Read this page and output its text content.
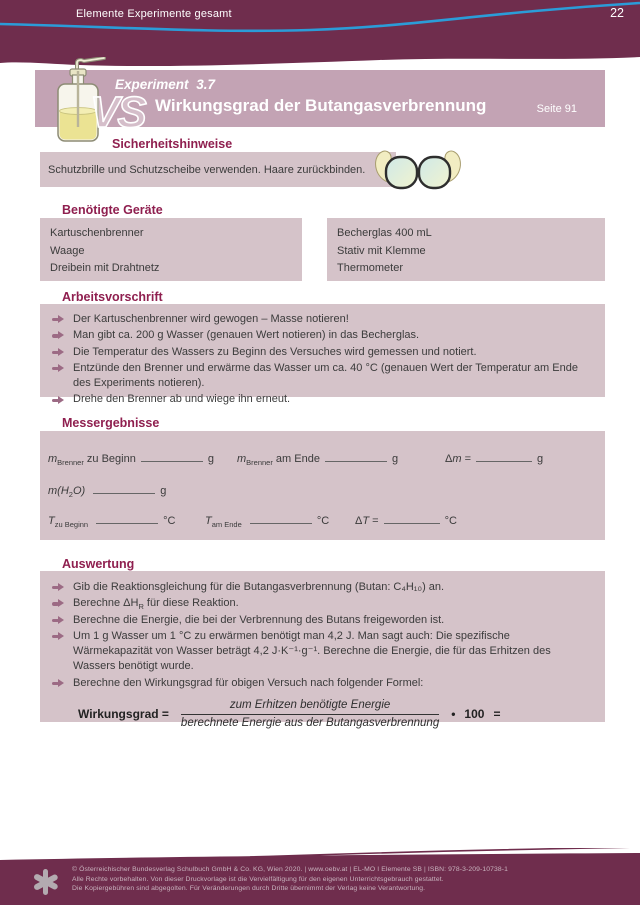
Elemente Experimente gesamt	22
Experiment 3.7
Wirkungsgrad der Butangasverbrennung	Seite 91
VS
Sicherheitshinweise
Schutzbrille und Schutzscheibe verwenden. Haare zurückbinden.
Benötigte Geräte
Kartuschenbrenner
Waage
Dreibein mit Drahtnetz
Becherglas 400 mL
Stativ mit Klemme
Thermometer
Arbeitsvorschrift
Der Kartuschenbrenner wird gewogen – Masse notieren!
Man gibt ca. 200 g Wasser (genauen Wert notieren) in das Becherglas.
Die Temperatur des Wassers zu Beginn des Versuches wird gemessen und notiert.
Entzünde den Brenner und erwärme das Wasser um ca. 40 °C (genauen Wert der Temperatur am Ende des Experiments notieren).
Drehe den Brenner ab und wiege ihn erneut.
Messergebnisse
$m_{Brenner}$ zu Beginn	g $m_{Brenner}$ am Ende	g	Δm =	g
$m(H_2O)$	g
$T_{zu Beginn}$	°C	$T_{am Ende}$	°C ΔT =	°C
Auswertung
Gib die Reaktionsgleichung für die Butangasverbrennung (Butan: C₄H₁₀) an.
Berechne $\Delta H_R$ für diese Reaktion.
Berechne die Energie, die bei der Verbrennung des Butans freigeworden ist.
Um 1 g Wasser um 1 °C zu erwärmen benötigt man 4,2 J. Man sagt auch: Die spezifische Wärmekapazität von Wasser beträgt 4,2 J·K⁻¹·g⁻¹. Berechne die Energie, die für das Erhitzen des Wassers benötigt wurde.
Berechne den Wirkungsgrad für obigen Versuch nach folgender Formel:
Wirkungsgrad = $\frac{\text{zum Erhitzen benötigte Energie}}{\text{berechnete Energie aus der Butangasverbrennung}}$ • 100 =
© Österreichischer Bundesverlag Schulbuch GmbH & Co. KG, Wien 2020. | www.oebv.at | EL-MO I Elemente SB | ISBN: 978-3-209-10738-1
Alle Rechte vorbehalten. Von dieser Druckvorlage ist die Vervielfältigung für den eigenen Unterrichtsgebrauch gestattet.
Die Kopiergebühren sind abgegolten. Für Veränderungen durch Dritte übernimmt der Verlag keine Verantwortung.
